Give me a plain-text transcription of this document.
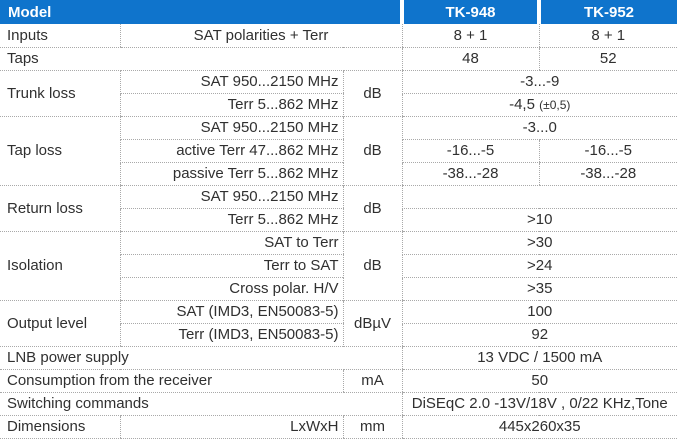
Model			TK-948	TK-952
Inputs	SAT polarities + Terr		8 + 1	8 + 1
Taps			48	52
Trunk loss	SAT 950...2150 MHz	dB	-3...-9	
	Terr 5...862 MHz		-4,5 (±0,5)	
Tap loss	SAT 950...2150 MHz	dB	-3...0	
	active Terr 47...862 MHz		-16...-5	-16...-5
	passive Terr 5...862 MHz		-38...-28	-38...-28
Return loss	SAT 950...2150 MHz	dB		
	Terr 5...862 MHz		>10	
Isolation	SAT to Terr	dB	>30	
	Terr to SAT		>24	
	Cross polar. H/V		>35	
Output level	SAT (IMD3, EN50083-5)	dBµV	100	
	Terr (IMD3, EN50083-5)		92	
LNB power supply			13 VDC / 1500 mA	
Consumption from the receiver		mA	50	
Switching commands			DiSEqC 2.0 -13V/18V , 0/22 KHz,Tone	
Dimensions	LxWxH	mm	445x260x35	
